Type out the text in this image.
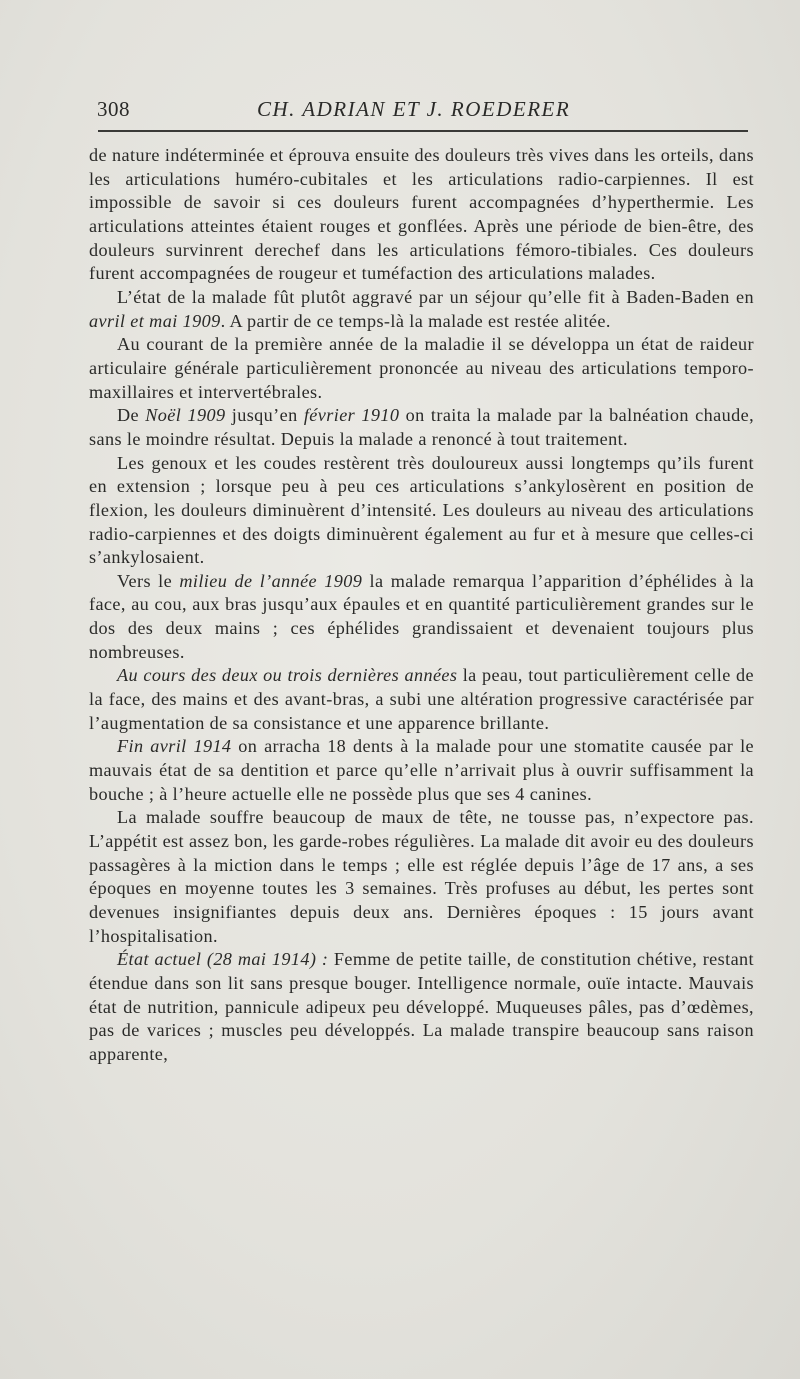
308	CH. ADRIAN ET J. ROEDERER

de nature indéterminée et éprouva ensuite des douleurs très vives dans les orteils, dans les articulations huméro-cubitales et les articulations radio-carpiennes. Il est impossible de savoir si ces douleurs furent accompagnées d’hyperthermie. Les articulations atteintes étaient rouges et gonflées. Après une période de bien-être, des douleurs survinrent derechef dans les articulations fémoro-tibiales. Ces douleurs furent accompagnées de rougeur et tuméfaction des articulations malades.

L’état de la malade fût plutôt aggravé par un séjour qu’elle fit à Baden-Baden en avril et mai 1909. A partir de ce temps-là la malade est restée alitée.

Au courant de la première année de la maladie il se développa un état de raideur articulaire générale particulièrement prononcée au niveau des articulations temporo-maxillaires et intervertébrales.

De Noël 1909 jusqu’en février 1910 on traita la malade par la balnéation chaude, sans le moindre résultat. Depuis la malade a renoncé à tout traitement.

Les genoux et les coudes restèrent très douloureux aussi longtemps qu’ils furent en extension ; lorsque peu à peu ces articulations s’ankylosèrent en position de flexion, les douleurs diminuèrent d’intensité. Les douleurs au niveau des articulations radio-carpiennes et des doigts diminuèrent également au fur et à mesure que celles-ci s’ankylosaient.

Vers le milieu de l’année 1909 la malade remarqua l’apparition d’éphélides à la face, au cou, aux bras jusqu’aux épaules et en quantité particulièrement grandes sur le dos des deux mains ; ces éphélides grandissaient et devenaient toujours plus nombreuses.

Au cours des deux ou trois dernières années la peau, tout particulièrement celle de la face, des mains et des avant-bras, a subi une altération progressive caractérisée par l’augmentation de sa consistance et une apparence brillante.

Fin avril 1914 on arracha 18 dents à la malade pour une stomatite causée par le mauvais état de sa dentition et parce qu’elle n’arrivait plus à ouvrir suffisamment la bouche ; à l’heure actuelle elle ne possède plus que ses 4 canines.

La malade souffre beaucoup de maux de tête, ne tousse pas, n’expectore pas. L’appétit est assez bon, les garde-robes régulières. La malade dit avoir eu des douleurs passagères à la miction dans le temps ; elle est réglée depuis l’âge de 17 ans, a ses époques en moyenne toutes les 3 semaines. Très profuses au début, les pertes sont devenues insignifiantes depuis deux ans. Dernières époques : 15 jours avant l’hospitalisation.

État actuel (28 mai 1914) : Femme de petite taille, de constitution chétive, restant étendue dans son lit sans presque bouger. Intelligence normale, ouïe intacte. Mauvais état de nutrition, pannicule adipeux peu développé. Muqueuses pâles, pas d’œdèmes, pas de varices ; muscles peu développés. La malade transpire beaucoup sans raison apparente,
